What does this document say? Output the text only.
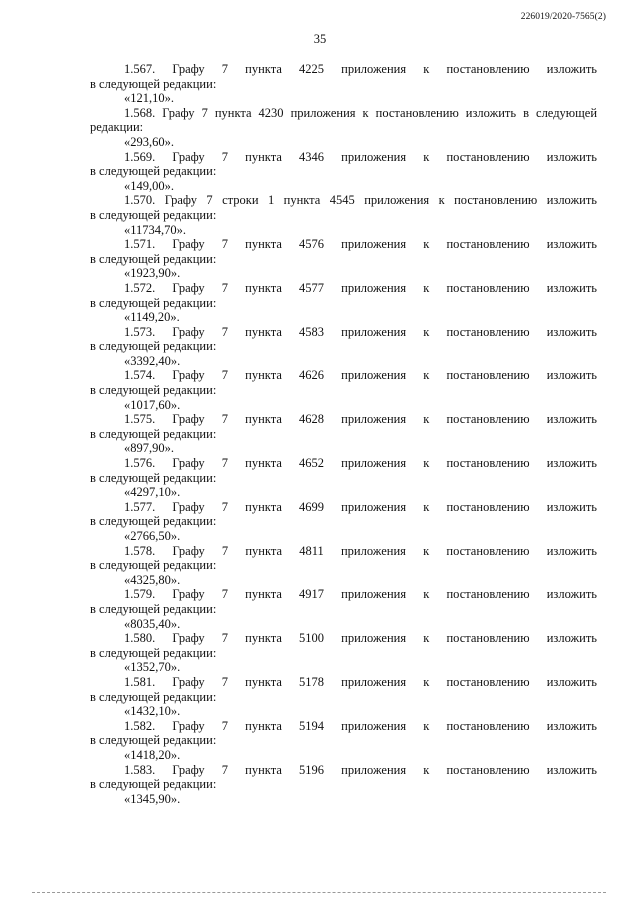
226019/2020-7565(2)
35
1.567. Графу 7 пункта 4225 приложения к постановлению изложить
в следующей редакции:
«121,10».
1.568. Графу 7 пункта 4230 приложения к постановлению изложить в следующей
редакции:
«293,60».
1.569. Графу 7 пункта 4346 приложения к постановлению изложить
в следующей редакции:
«149,00».
1.570. Графу 7 строки 1 пункта 4545 приложения к постановлению изложить
в следующей редакции:
«11734,70».
1.571. Графу 7 пункта 4576 приложения к постановлению изложить
в следующей редакции:
«1923,90».
1.572. Графу 7 пункта 4577 приложения к постановлению изложить
в следующей редакции:
«1149,20».
1.573. Графу 7 пункта 4583 приложения к постановлению изложить
в следующей редакции:
«3392,40».
1.574. Графу 7 пункта 4626 приложения к постановлению изложить
в следующей редакции:
«1017,60».
1.575. Графу 7 пункта 4628 приложения к постановлению изложить
в следующей редакции:
«897,90».
1.576. Графу 7 пункта 4652 приложения к постановлению изложить
в следующей редакции:
«4297,10».
1.577. Графу 7 пункта 4699 приложения к постановлению изложить
в следующей редакции:
«2766,50».
1.578. Графу 7 пункта 4811 приложения к постановлению изложить
в следующей редакции:
«4325,80».
1.579. Графу 7 пункта 4917 приложения к постановлению изложить
в следующей редакции:
«8035,40».
1.580. Графу 7 пункта 5100 приложения к постановлению изложить
в следующей редакции:
«1352,70».
1.581. Графу 7 пункта 5178 приложения к постановлению изложить
в следующей редакции:
«1432,10».
1.582. Графу 7 пункта 5194 приложения к постановлению изложить
в следующей редакции:
«1418,20».
1.583. Графу 7 пункта 5196 приложения к постановлению изложить
в следующей редакции:
«1345,90».
